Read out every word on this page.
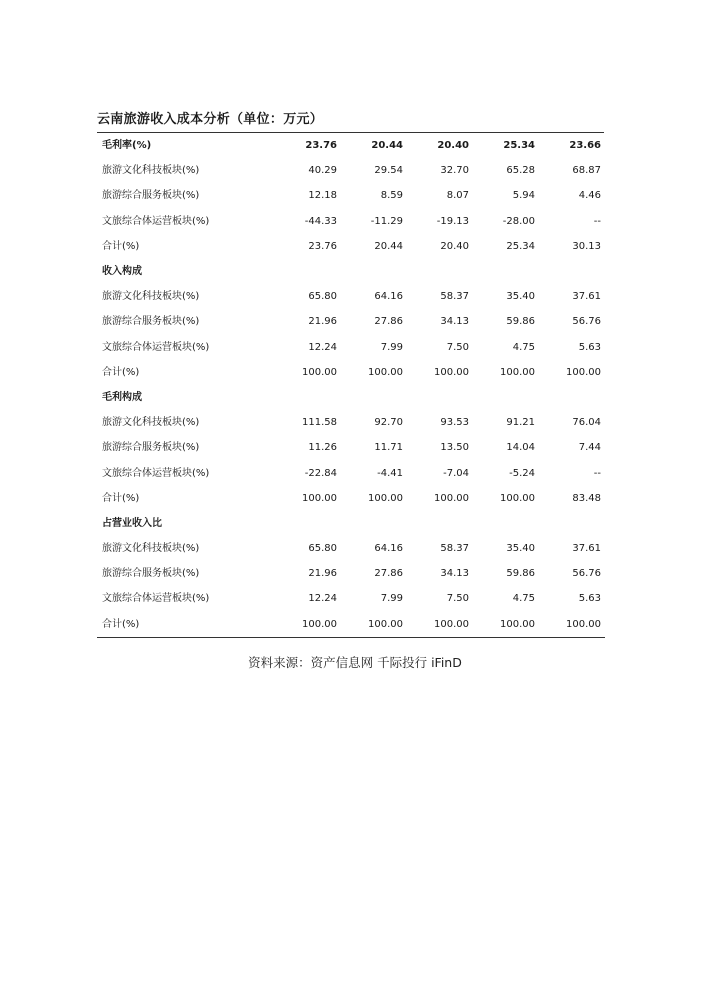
云南旅游收入成本分析（单位：万元）
毛利率(%)	23.76	20.44	20.40	25.34	23.66
旅游文化科技板块(%)	40.29	29.54	32.70	65.28	68.87
旅游综合服务板块(%)	12.18	8.59	8.07	5.94	4.46
文旅综合体运营板块(%)	-44.33	-11.29	-19.13	-28.00	--
合计(%)	23.76	20.44	20.40	25.34	30.13
收入构成					
旅游文化科技板块(%)	65.80	64.16	58.37	35.40	37.61
旅游综合服务板块(%)	21.96	27.86	34.13	59.86	56.76
文旅综合体运营板块(%)	12.24	7.99	7.50	4.75	5.63
合计(%)	100.00	100.00	100.00	100.00	100.00
毛利构成					
旅游文化科技板块(%)	111.58	92.70	93.53	91.21	76.04
旅游综合服务板块(%)	11.26	11.71	13.50	14.04	7.44
文旅综合体运营板块(%)	-22.84	-4.41	-7.04	-5.24	--
合计(%)	100.00	100.00	100.00	100.00	83.48
占营业收入比					
旅游文化科技板块(%)	65.80	64.16	58.37	35.40	37.61
旅游综合服务板块(%)	21.96	27.86	34.13	59.86	56.76
文旅综合体运营板块(%)	12.24	7.99	7.50	4.75	5.63
合计(%)	100.00	100.00	100.00	100.00	100.00
资料来源：资产信息网 千际投行 iFinD
